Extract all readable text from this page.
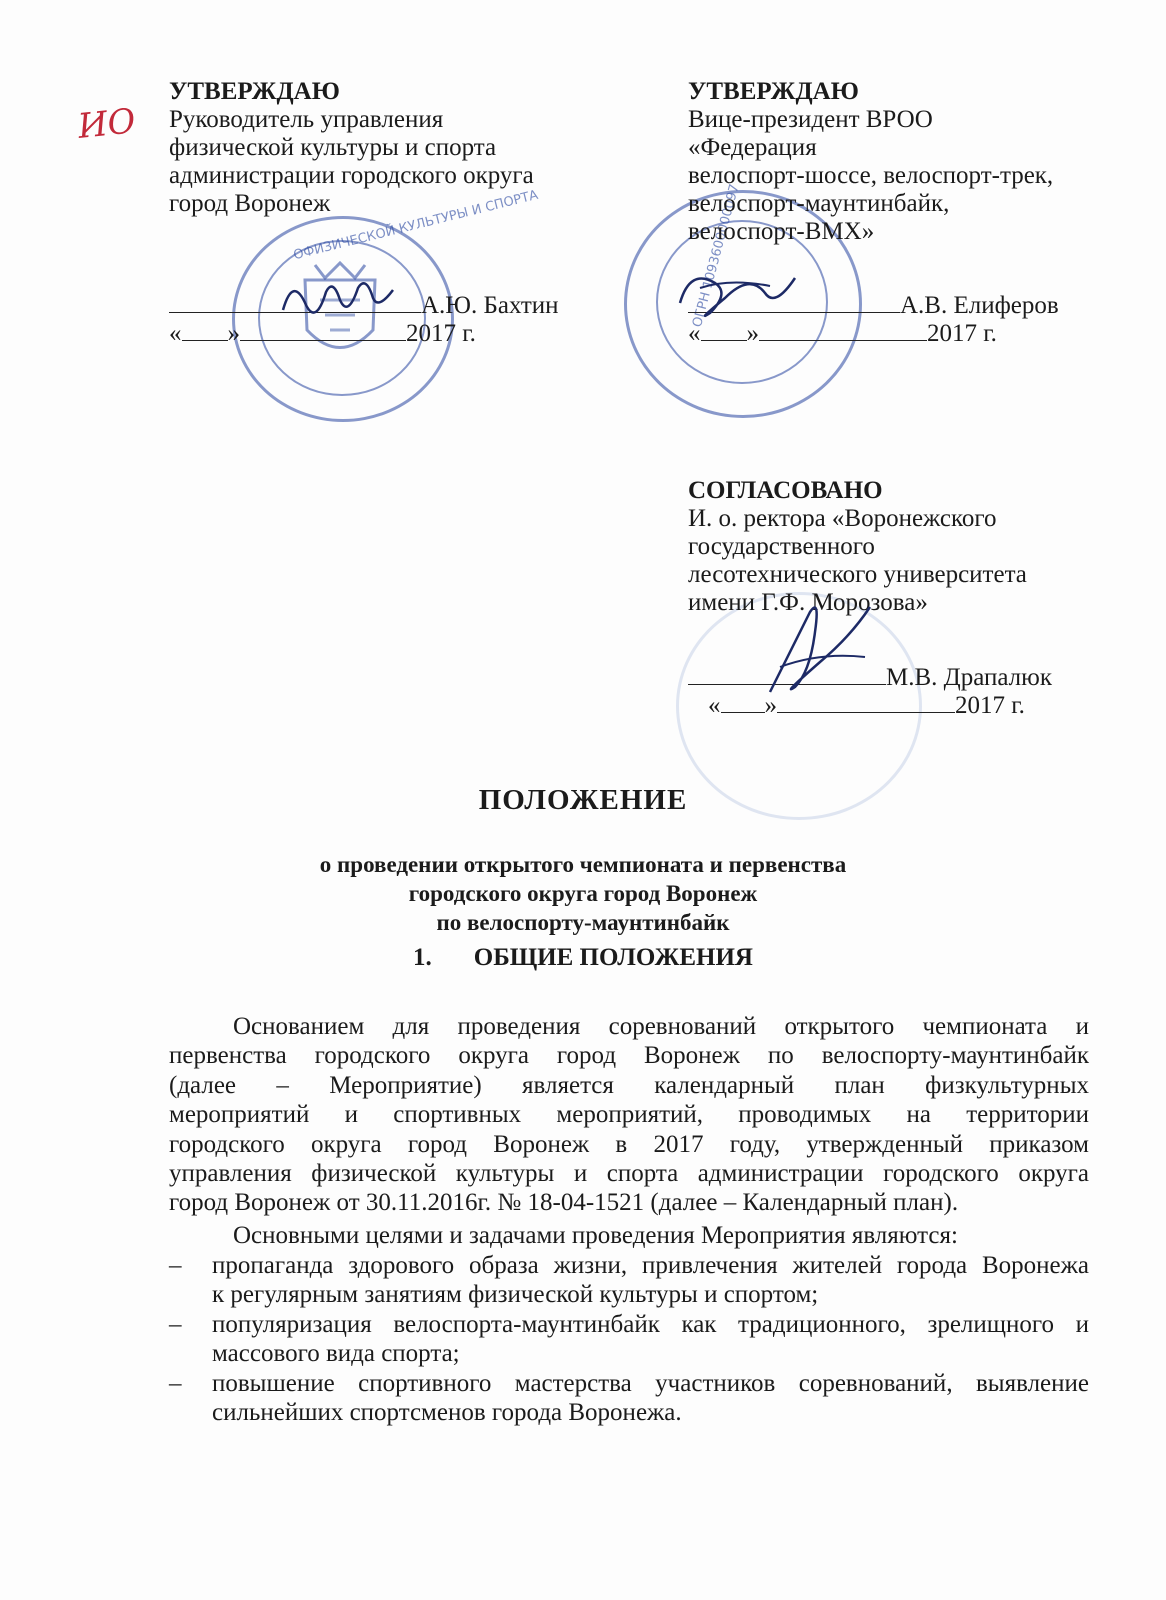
ИО
ОФИЗИЧЕСКОЙ КУЛЬТУРЫ И СПОРТА	ОГРН 1093600000097
УТВЕРЖДАЮ
Руководитель управления
физической культуры и спорта
администрации городского округа
город Воронеж
А.Ю. Бахтин
« »	2017 г.
УТВЕРЖДАЮ
Вице-президент ВРОО
«Федерация
велоспорт-шоссе, велоспорт-трек,
велоспорт-маунтинбайк,
велоспорт-ВМХ»
А.В. Елиферов
« »	2017 г.
СОГЛАСОВАНО
И. о. ректора «Воронежского
государственного
лесотехнического университета
имени Г.Ф. Морозова»
М.В. Драпалюк
« »	2017 г.
ПОЛОЖЕНИЕ
о проведении открытого чемпионата и первенства
городского округа город Воронеж
по велоспорту-маунтинбайк
1. ОБЩИЕ ПОЛОЖЕНИЯ
Основанием для проведения соревнований открытого чемпионата и
первенства городского округа город Воронеж по велоспорту-маунтинбайк
(далее – Мероприятие) является календарный план физкультурных
мероприятий и спортивных мероприятий, проводимых на территории
городского округа город Воронеж в 2017 году, утвержденный приказом
управления физической культуры и спорта администрации городского округа
город Воронеж от 30.11.2016г. № 18-04-1521 (далее – Календарный план).
Основными целями и задачами проведения Мероприятия являются:
– пропаганда здорового образа жизни, привлечения жителей города Воронежа
к регулярным занятиям физической культуры и спортом;
– популяризация велоспорта-маунтинбайк как традиционного, зрелищного и
массового вида спорта;
– повышение спортивного мастерства участников соревнований, выявление
сильнейших спортсменов города Воронежа.
